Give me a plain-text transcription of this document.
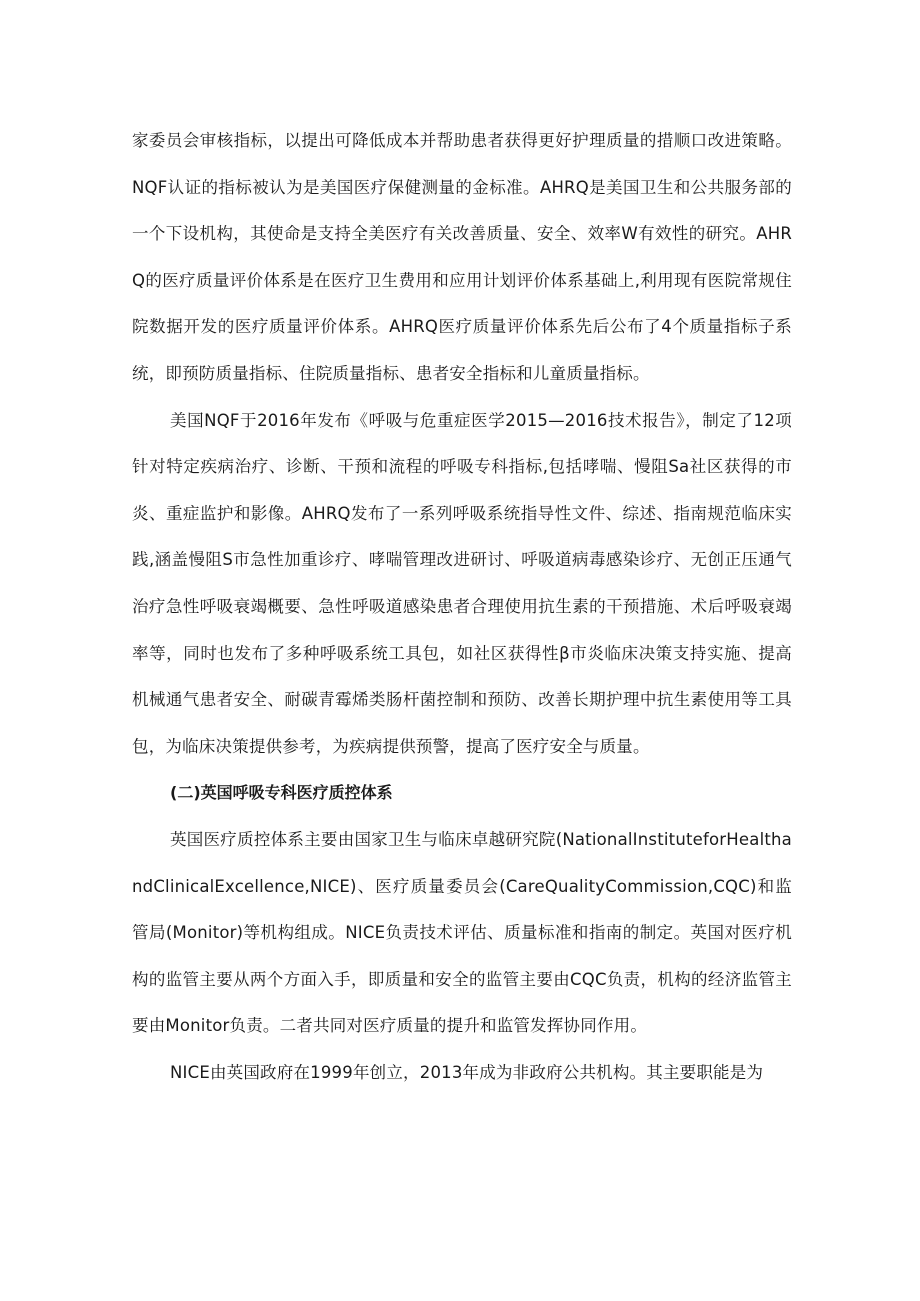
家委员会审核指标，以提出可降低成本并帮助患者获得更好护理质量的措顺口改进策略。NQF认证的指标被认为是美国医疗保健测量的金标准。AHRQ是美国卫生和公共服务部的一个下设机构，其使命是支持全美医疗有关改善质量、安全、效率W有效性的研究。AHRQ的医疗质量评价体系是在医疗卫生费用和应用计划评价体系基础上,利用现有医院常规住院数据开发的医疗质量评价体系。AHRQ医疗质量评价体系先后公布了4个质量指标子系统，即预防质量指标、住院质量指标、患者安全指标和儿童质量指标。

美国NQF于2016年发布《呼吸与危重症医学2015—2016技术报告》，制定了12项针对特定疾病治疗、诊断、干预和流程的呼吸专科指标,包括哮喘、慢阻Sa社区获得的市炎、重症监护和影像。AHRQ发布了一系列呼吸系统指导性文件、综述、指南规范临床实践,涵盖慢阻S市急性加重诊疗、哮喘管理改进研讨、呼吸道病毒感染诊疗、无创正压通气治疗急性呼吸衰竭概要、急性呼吸道感染患者合理使用抗生素的干预措施、术后呼吸衰竭率等，同时也发布了多种呼吸系统工具包，如社区获得性β市炎临床决策支持实施、提高机械通气患者安全、耐碳青霉烯类肠杆菌控制和预防、改善长期护理中抗生素使用等工具包，为临床决策提供参考，为疾病提供预警，提高了医疗安全与质量。

(二)英国呼吸专科医疗质控体系

英国医疗质控体系主要由国家卫生与临床卓越研究院(NationalInstituteforHealthandClinicalExcellence,NICE)、医疗质量委员会(CareQualityCommission,CQC)和监管局(Monitor)等机构组成。NICE负责技术评估、质量标准和指南的制定。英国对医疗机构的监管主要从两个方面入手，即质量和安全的监管主要由CQC负责，机构的经济监管主要由Monitor负责。二者共同对医疗质量的提升和监管发挥协同作用。

NICE由英国政府在1999年创立，2013年成为非政府公共机构。其主要职能是为
